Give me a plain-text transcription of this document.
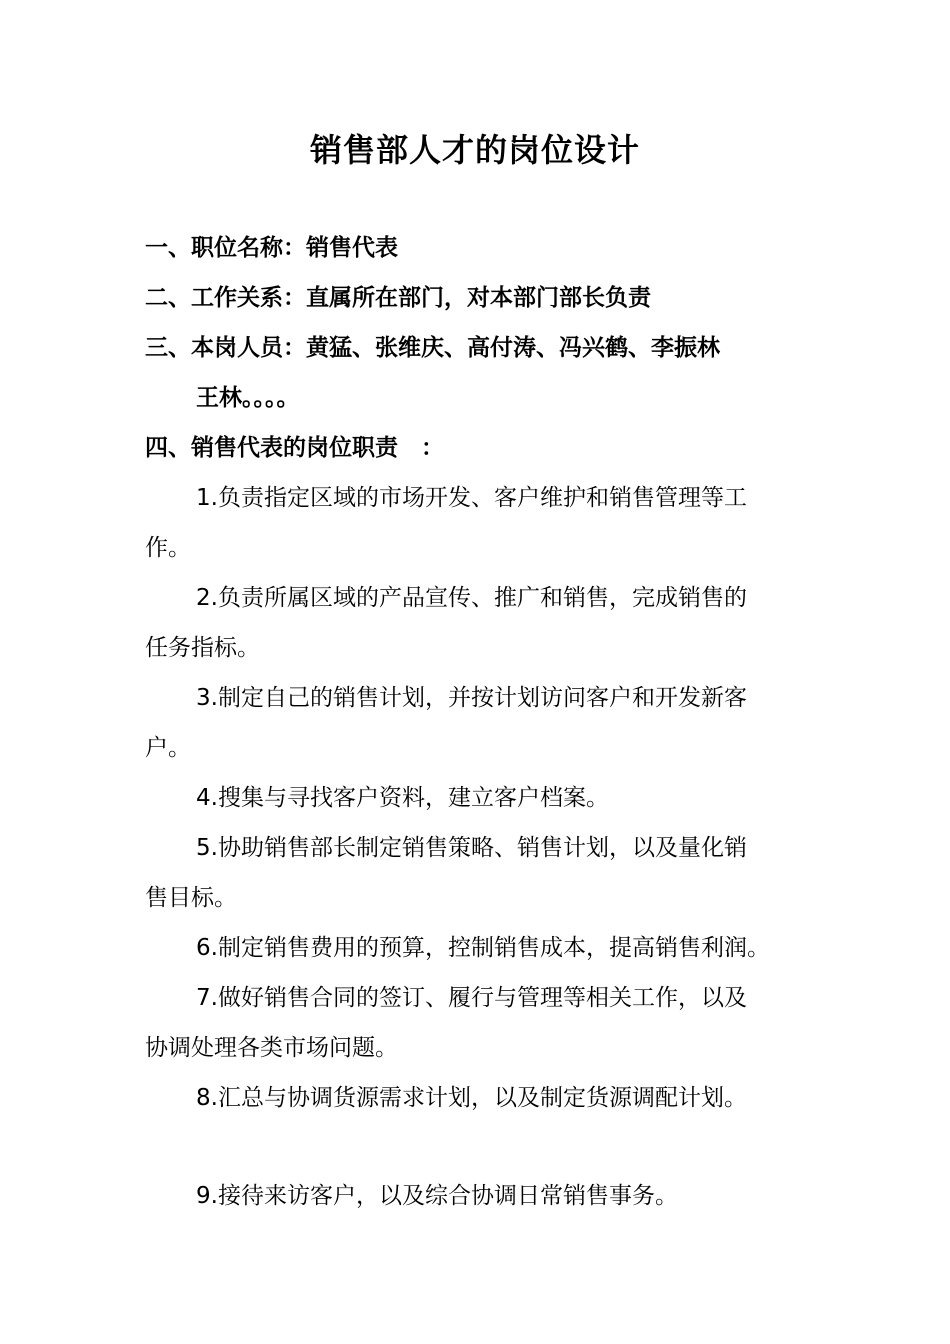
销售部人才的岗位设计
一、职位名称：销售代表
二、工作关系：直属所在部门，对本部门部长负责
三、本岗人员：黄猛、张维庆、高付涛、冯兴鹤、李振林
王林。。。。
四、销售代表的岗位职责　：
1.负责指定区域的市场开发、客户维护和销售管理等工
作。
2.负责所属区域的产品宣传、推广和销售，完成销售的
任务指标。
3.制定自己的销售计划，并按计划访问客户和开发新客
户。
4.搜集与寻找客户资料，建立客户档案。
5.协助销售部长制定销售策略、销售计划，以及量化销
售目标。
6.制定销售费用的预算，控制销售成本，提高销售利润。
7.做好销售合同的签订、履行与管理等相关工作，以及
协调处理各类市场问题。
8.汇总与协调货源需求计划，以及制定货源调配计划。
9.接待来访客户，以及综合协调日常销售事务。
